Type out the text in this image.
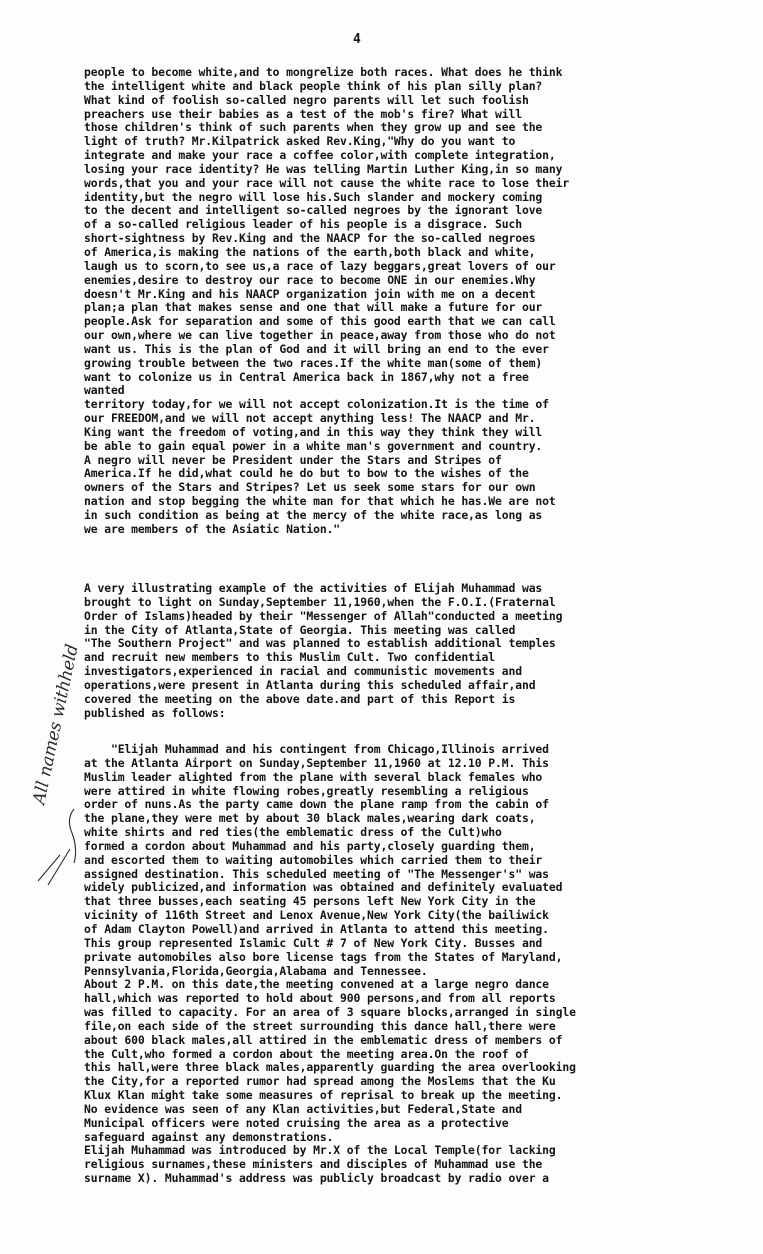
4
All names withheld
people to become white,and to mongrelize both races. What does he think
the intelligent white and black people think of his plan silly plan?
What kind of foolish so-called negro parents will let such foolish
preachers use their babies as a test of the mob's fire? What will
those children's think of such parents when they grow up and see the
light of truth? Mr.Kilpatrick asked Rev.King,"Why do you want to
integrate and make your race a coffee color,with complete integration,
losing your race identity? He was telling Martin Luther King,in so many
words,that you and your race will not cause the white race to lose their
identity,but the negro will lose his.Such slander and mockery coming
to the decent and intelligent so-called negroes by the ignorant love
of a so-called religious leader of his people is a disgrace. Such
short-sightness by Rev.King and the NAACP for the so-called negroes
of America,is making the nations of the earth,both black and white,
laugh us to scorn,to see us,a race of lazy beggars,great lovers of our
enemies,desire to destroy our race to become ONE in our enemies.Why
doesn't Mr.King and his NAACP organization join with me on a decent
plan;a plan that makes sense and one that will make a future for our
people.Ask for separation and some of this good earth that we can call
our own,where we can live together in peace,away from those who do not
want us. This is the plan of God and it will bring an end to the ever
growing trouble between the two races.If the white man(some of them)
want to colonize us in Central America back in 1867,why not a free
wanted
territory today,for we will not accept colonization.It is the time of
our FREEDOM,and we will not accept anything less! The NAACP and Mr.
King want the freedom of voting,and in this way they think they will
be able to gain equal power in a white man's government and country.
A negro will never be President under the Stars and Stripes of
America.If he did,what could he do but to bow to the wishes of the
owners of the Stars and Stripes? Let us seek some stars for our own
nation and stop begging the white man for that which he has.We are not
in such condition as being at the mercy of the white race,as long as
we are members of the Asiatic Nation."
A very illustrating example of the activities of Elijah Muhammad was
brought to light on Sunday,September 11,1960,when the F.O.I.(Fraternal
Order of Islams)headed by their "Messenger of Allah"conducted a meeting
in the City of Atlanta,State of Georgia. This meeting was called
"The Southern Project" and was planned to establish additional temples
and recruit new members to this Muslim Cult. Two confidential
investigators,experienced in racial and communistic movements and
operations,were present in Atlanta during this scheduled affair,and
covered the meeting on the above date.and part of this Report is
published as follows:
"Elijah Muhammad and his contingent from Chicago,Illinois arrived
at the Atlanta Airport on Sunday,September 11,1960 at 12.10 P.M. This
Muslim leader alighted from the plane with several black females who
were attired in white flowing robes,greatly resembling a religious
order of nuns.As the party came down the plane ramp from the cabin of
the plane,they were met by about 30 black males,wearing dark coats,
white shirts and red ties(the emblematic dress of the Cult)who
formed a cordon about Muhammad and his party,closely guarding them,
and escorted them to waiting automobiles which carried them to their
assigned destination. This scheduled meeting of "The Messenger's" was
widely publicized,and information was obtained and definitely evaluated
that three busses,each seating 45 persons left New York City in the
vicinity of 116th Street and Lenox Avenue,New York City(the bailiwick
of Adam Clayton Powell)and arrived in Atlanta to attend this meeting.
This group represented Islamic Cult # 7 of New York City. Busses and
private automobiles also bore license tags from the States of Maryland,
Pennsylvania,Florida,Georgia,Alabama and Tennessee.
About 2 P.M. on this date,the meeting convened at a large negro dance
hall,which was reported to hold about 900 persons,and from all reports
was filled to capacity. For an area of 3 square blocks,arranged in single
file,on each side of the street surrounding this dance hall,there were
about 600 black males,all attired in the emblematic dress of members of
the Cult,who formed a cordon about the meeting area.On the roof of
this hall,were three black males,apparently guarding the area overlooking
the City,for a reported rumor had spread among the Moslems that the Ku
Klux Klan might take some measures of reprisal to break up the meeting.
No evidence was seen of any Klan activities,but Federal,State and
Municipal officers were noted cruising the area as a protective
safeguard against any demonstrations.
Elijah Muhammad was introduced by Mr.X of the Local Temple(for lacking
religious surnames,these ministers and disciples of Muhammad use the
surname X). Muhammad's address was publicly broadcast by radio over a
